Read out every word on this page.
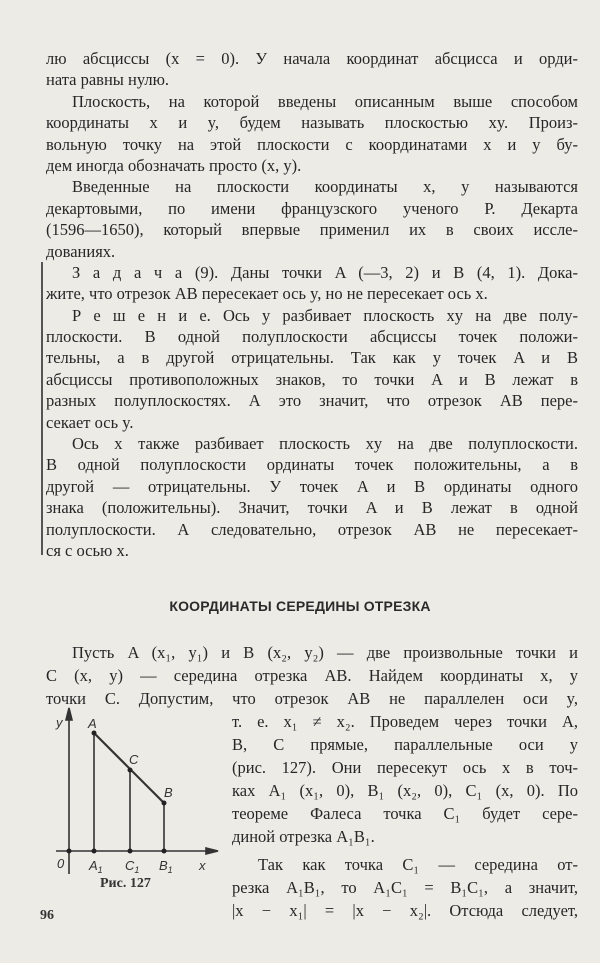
лю абсциссы (x = 0). У начала координат абсцисса и орди-
ната равны нулю.
Плоскость, на которой введены описанным выше способом
координаты x и y, будем называть плоскостью xy. Произ-
вольную точку на этой плоскости с координатами x и y бу-
дем иногда обозначать просто (x, y).
Введенные на плоскости координаты x, y называются
декартовыми, по имени французского ученого Р. Декарта
(1596—1650), который впервые применил их в своих иссле-
дованиях.
З а д а ч а (9). Даны точки A (—3, 2) и B (4, 1). Дока-
жите, что отрезок AB пересекает ось y, но не пересекает ось x.
Р е ш е н и е. Ось y разбивает плоскость xy на две полу-
плоскости. В одной полуплоскости абсциссы точек положи-
тельны, а в другой отрицательны. Так как у точек A и B
абсциссы противоположных знаков, то точки A и B лежат в
разных полуплоскостях. А это значит, что отрезок AB пере-
секает ось y.
Ось x также разбивает плоскость xy на две полуплоскости.
В одной полуплоскости ординаты точек положительны, а в
другой — отрицательны. У точек A и B ординаты одного
знака (положительны). Значит, точки A и B лежат в одной
полуплоскости. А следовательно, отрезок AB не пересекает-
ся с осью x.
КООРДИНАТЫ СЕРЕДИНЫ ОТРЕЗКА
Пусть A (x₁, y₁) и B (x₂, y₂) — две произвольные точки и
C (x, y) — середина отрезка AB. Найдем координаты x, y
точки C. Допустим, что отрезок AB не параллелен оси y,
т. е. x₁ ≠ x₂. Проведем через точки A,
B, C прямые, параллельные оси y
(рис. 127). Они пересекут ось x в точ-
ках A₁ (x₁, 0), B₁ (x₂, 0), C₁ (x, 0). По
теореме Фалеса точка C₁ будет сере-
диной отрезка A₁B₁.
Так как точка C₁ — середина от-
резка A₁B₁, то A₁C₁ = B₁C₁, а значит,
|x − x₁| = |x − x₂|. Отсюда следует,
y A
C
B
0 $A_1$ $C_1$ $B_1$ x
Рис. 127
96
